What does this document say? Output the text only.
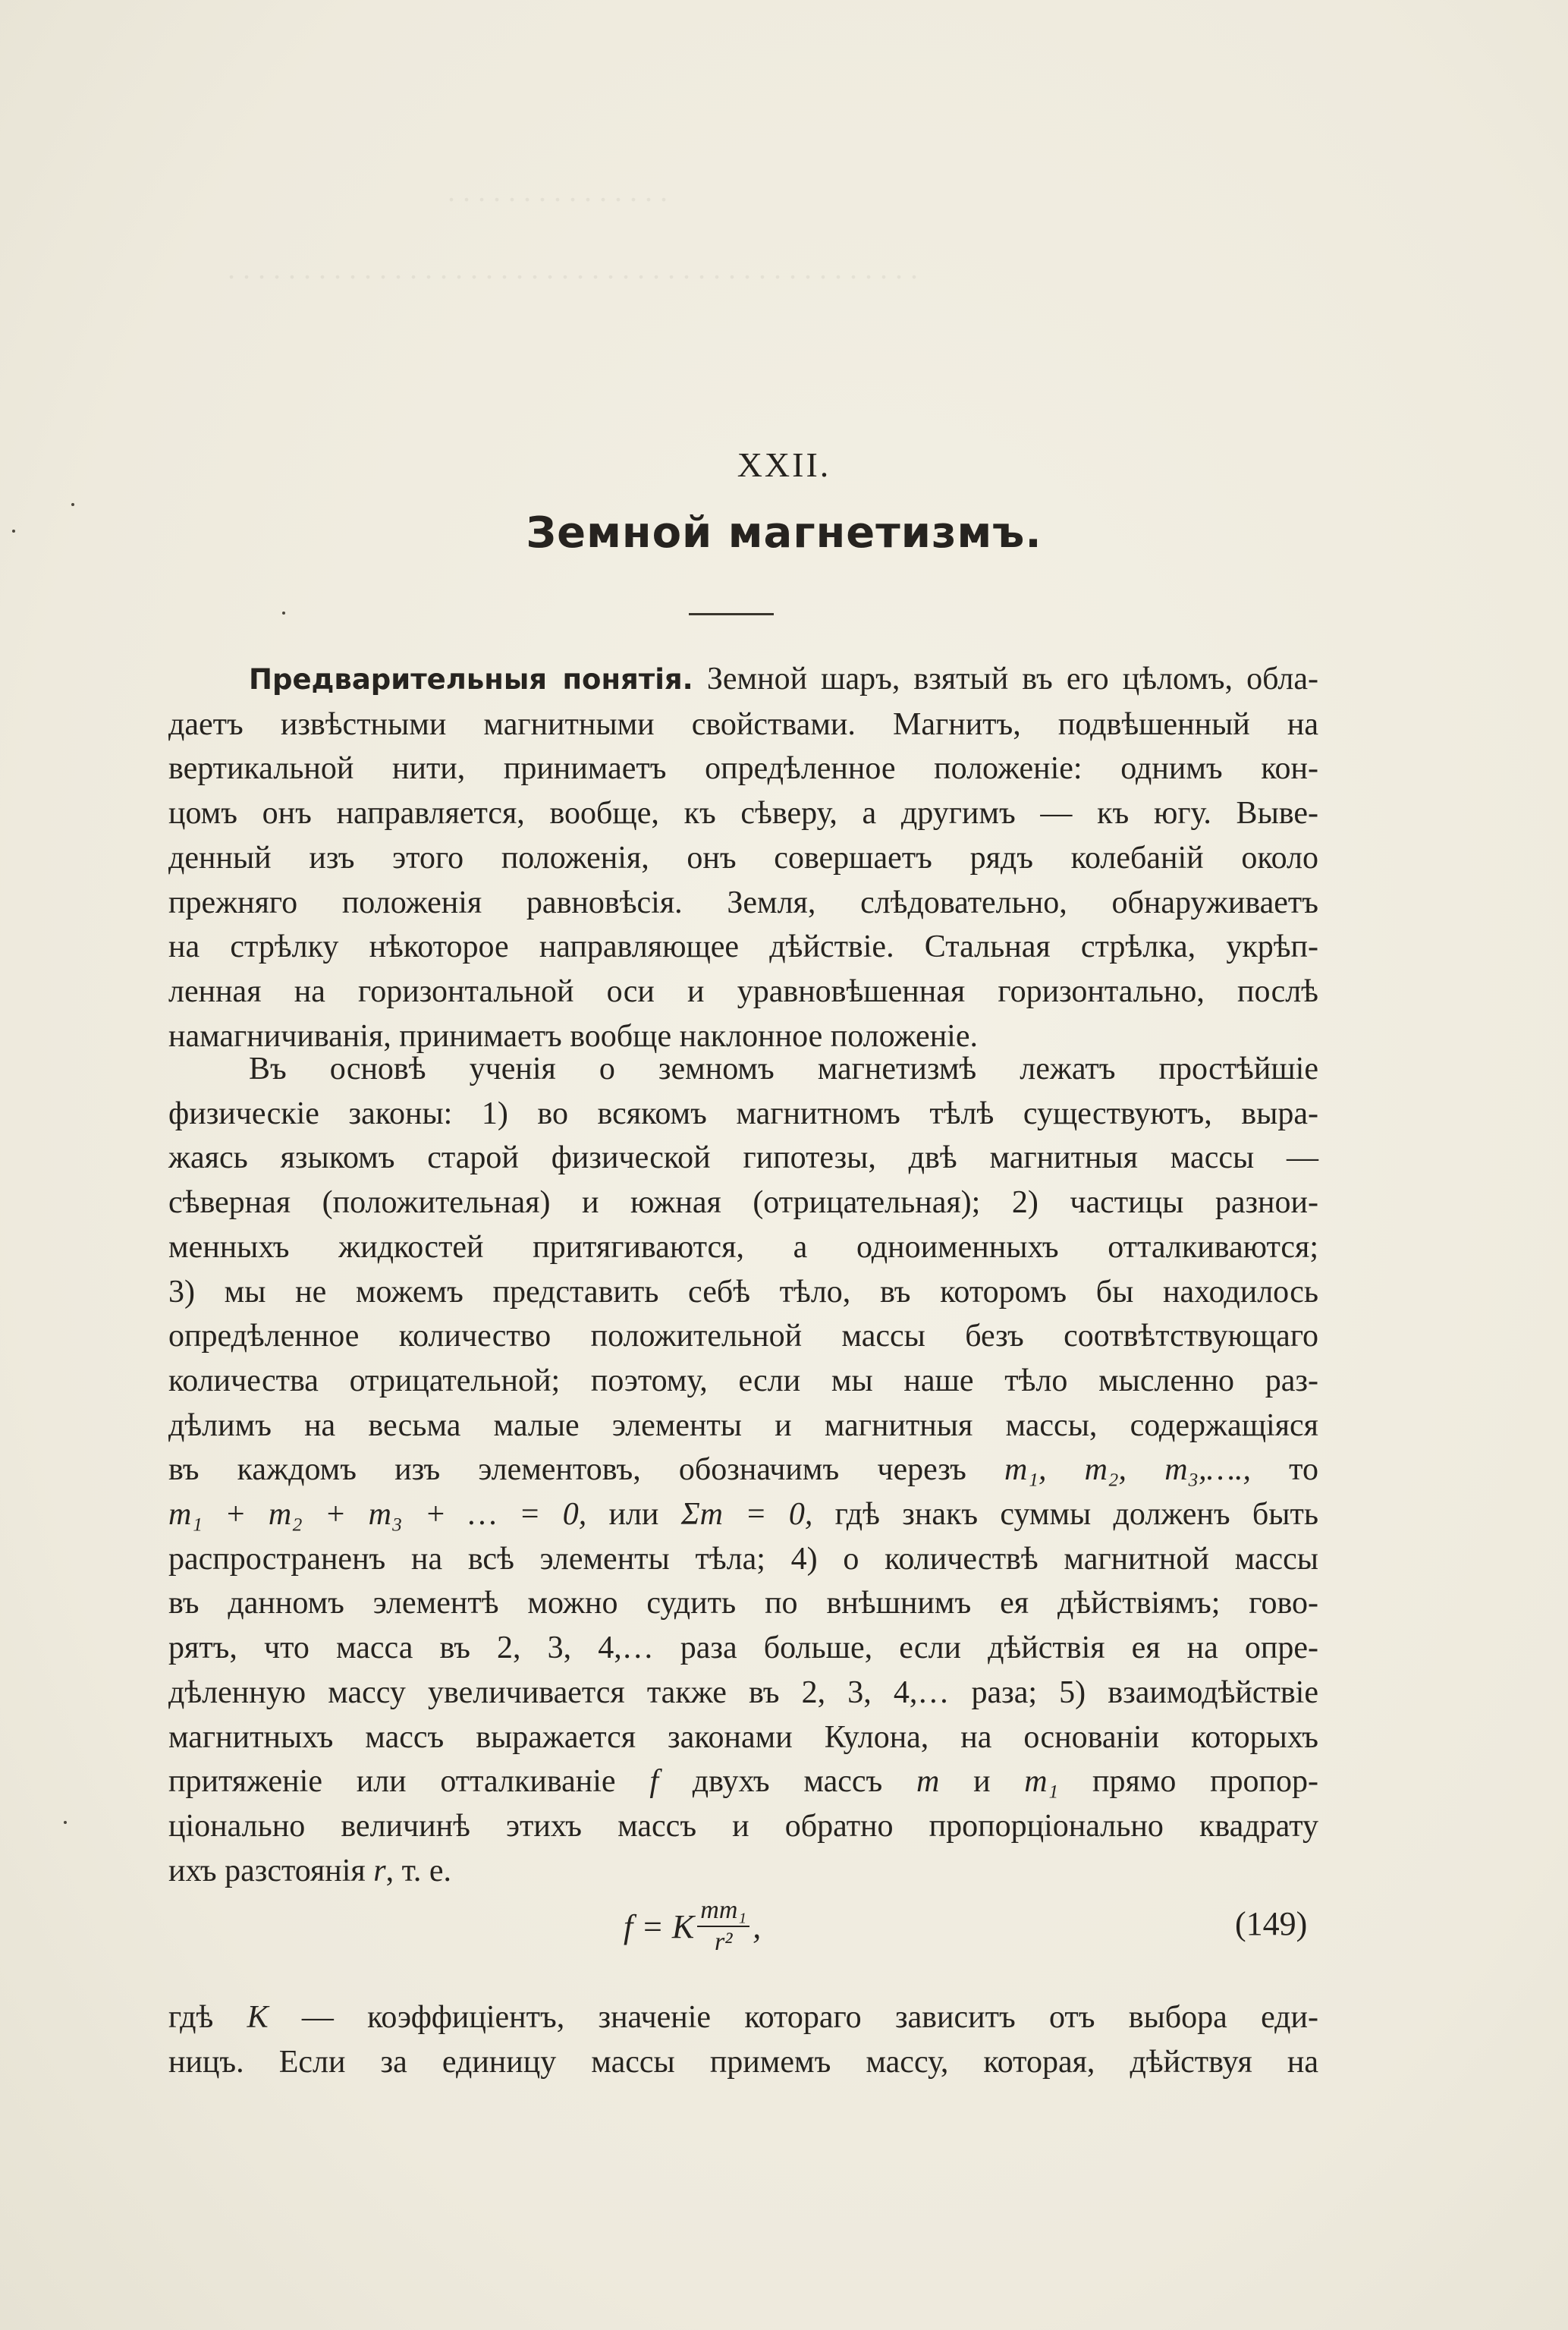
. . . . . . . . . . . . . . .
. . . . . . . . . . . . . . . . . . . . . . . . . . . . . . . . . . . . . . . . . . . . . .
XXII.
Земной магнетизмъ.

Предварительныя понятія. Земной шаръ, взятый въ его цѣломъ, обла-

даетъ извѣстными магнитными свойствами. Магнитъ, подвѣшенный на

вертикальной нити, принимаетъ опредѣленное положеніе: однимъ кон-

цомъ онъ направляется, вообще, къ сѣверу, а другимъ — къ югу. Выве-

денный изъ этого положенія, онъ совершаетъ рядъ колебаній около

прежняго положенія равновѣсія. Земля, слѣдовательно, обнаруживаетъ

на стрѣлку нѣкоторое направляющее дѣйствіе. Стальная стрѣлка, укрѣп-

ленная на горизонтальной оси и уравновѣшенная горизонтально, послѣ

намагничиванія, принимаетъ вообще наклонное положеніе.

Въ основѣ ученія о земномъ магнетизмѣ лежатъ простѣйшіе

физическіе законы: 1) во всякомъ магнитномъ тѣлѣ существуютъ, выра-

жаясь языкомъ старой физической гипотезы, двѣ магнитныя массы —

сѣверная (положительная) и южная (отрицательная); 2) частицы разнои-

менныхъ жидкостей притягиваются, а одноименныхъ отталкиваются;

3) мы не можемъ представить себѣ тѣло, въ которомъ бы находилось

опредѣленное количество положительной массы безъ соотвѣтствующаго

количества отрицательной; поэтому, если мы наше тѣло мысленно раз-

дѣлимъ на весьма малые элементы и магнитныя массы, содержащіяся

въ каждомъ изъ элементовъ, обозначимъ черезъ m₁, m₂, m₃,…., то

m₁ + m₂ + m₃ + … = 0, или Σm = 0, гдѣ знакъ суммы долженъ быть

распространенъ на всѣ элементы тѣла; 4) о количествѣ магнитной массы

въ данномъ элементѣ можно судить по внѣшнимъ ея дѣйствіямъ; гово-

рятъ, что масса въ 2, 3, 4,… раза больше, если дѣйствія ея на опре-

дѣленную массу увеличивается также въ 2, 3, 4,… раза; 5) взаимодѣйствіе

магнитныхъ массъ выражается законами Кулона, на основаніи которыхъ

притяженіе или отталкиваніе f двухъ массъ m и m₁ прямо пропор-

ціонально величинѣ этихъ массъ и обратно пропорціонально квадрату

ихъ разстоянія r, т. е.

f = K $\frac{\text{mm₁}}{\text{r²}}$ ,	(149)

гдѣ K — коэффиціентъ, значеніе котораго зависитъ отъ выбора еди-

ницъ. Если за единицу массы примемъ массу, которая, дѣйствуя на
